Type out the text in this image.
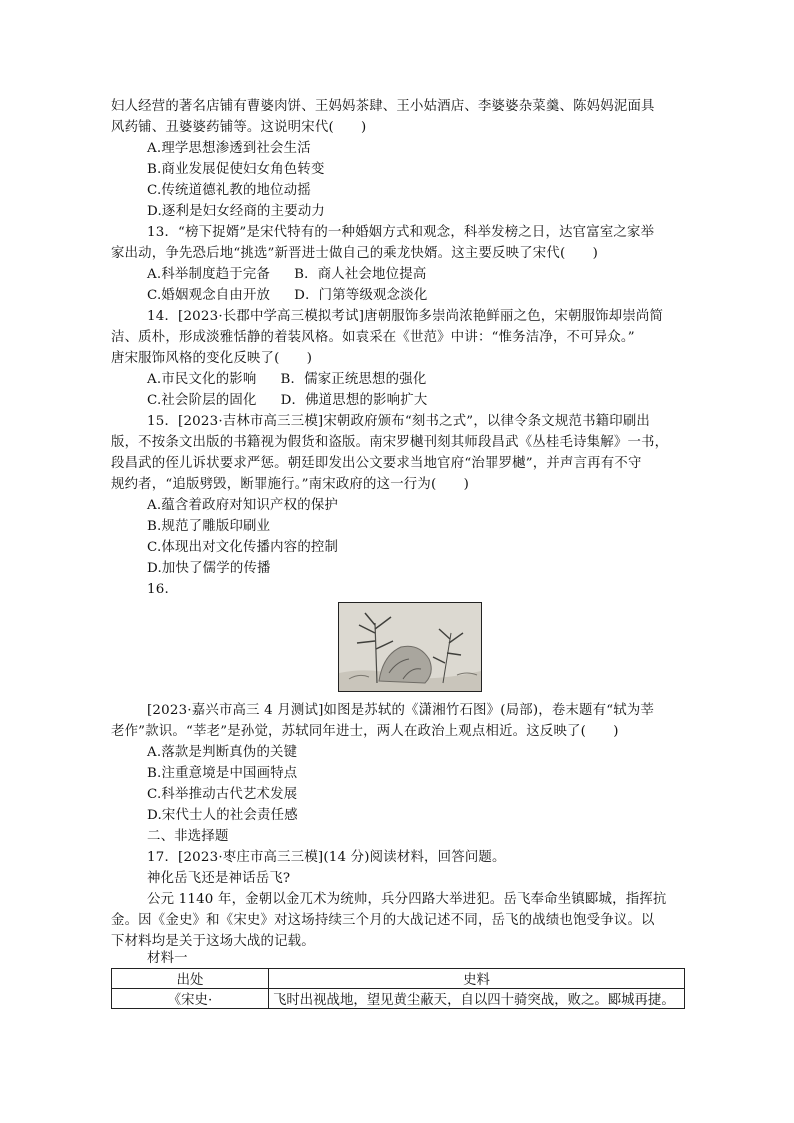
妇人经营的著名店铺有曹婆肉饼、王妈妈茶肆、王小姑酒店、李婆婆杂菜羹、陈妈妈泥面具
风药铺、丑婆婆药铺等。这说明宋代(　　)
A.理学思想渗透到社会生活
B.商业发展促使妇女角色转变
C.传统道德礼教的地位动摇
D.逐利是妇女经商的主要动力
13．“榜下捉婿”是宋代特有的一种婚姻方式和观念，科举发榜之日，达官富室之家举
家出动，争先恐后地“挑选”新晋进士做自己的乘龙快婿。这主要反映了宋代(　　)
A.科举制度趋于完备 B．商人社会地位提高
C.婚姻观念自由开放 D．门第等级观念淡化
14．[2023·长郡中学高三模拟考试]唐朝服饰多崇尚浓艳鲜丽之色，宋朝服饰却崇尚简
洁、质朴，形成淡雅恬静的着装风格。如袁采在《世范》中讲：“惟务洁净，不可异众。”
唐宋服饰风格的变化反映了(　　)
A.市民文化的影响 B．儒家正统思想的强化
C.社会阶层的固化 D．佛道思想的影响扩大
15．[2023·吉林市高三三模]宋朝政府颁布“刻书之式”，以律令条文规范书籍印刷出
版，不按条文出版的书籍视为假货和盗版。南宋罗樾刊刻其师段昌武《丛桂毛诗集解》一书，
段昌武的侄儿诉状要求严惩。朝廷即发出公文要求当地官府“治罪罗樾”，并声言再有不守
规约者，“追版劈毁，断罪施行。”南宋政府的这一行为(　　)
A.蕴含着政府对知识产权的保护
B.规范了雕版印刷业
C.体现出对文化传播内容的控制
D.加快了儒学的传播
16.
[2023·嘉兴市高三 4 月测试]如图是苏轼的《潇湘竹石图》(局部)，卷末题有“轼为莘
老作”款识。“莘老”是孙觉，苏轼同年进士，两人在政治上观点相近。这反映了(　　)
A.落款是判断真伪的关键
B.注重意境是中国画特点
C.科举推动古代艺术发展
D.宋代士人的社会责任感
二、非选择题
17．[2023·枣庄市高三三模](14 分)阅读材料，回答问题。
神化岳飞还是神话岳飞?
公元 1140 年，金朝以金兀术为统帅，兵分四路大举进犯。岳飞奉命坐镇郾城，指挥抗
金。因《金史》和《宋史》对这场持续三个月的大战记述不同，岳飞的战绩也饱受争议。以
下材料均是关于这场大战的记载。
材料一
出处	史料
《宋史·	飞时出视战地，望见黄尘蔽天，自以四十骑突战，败之。郾城再捷。
